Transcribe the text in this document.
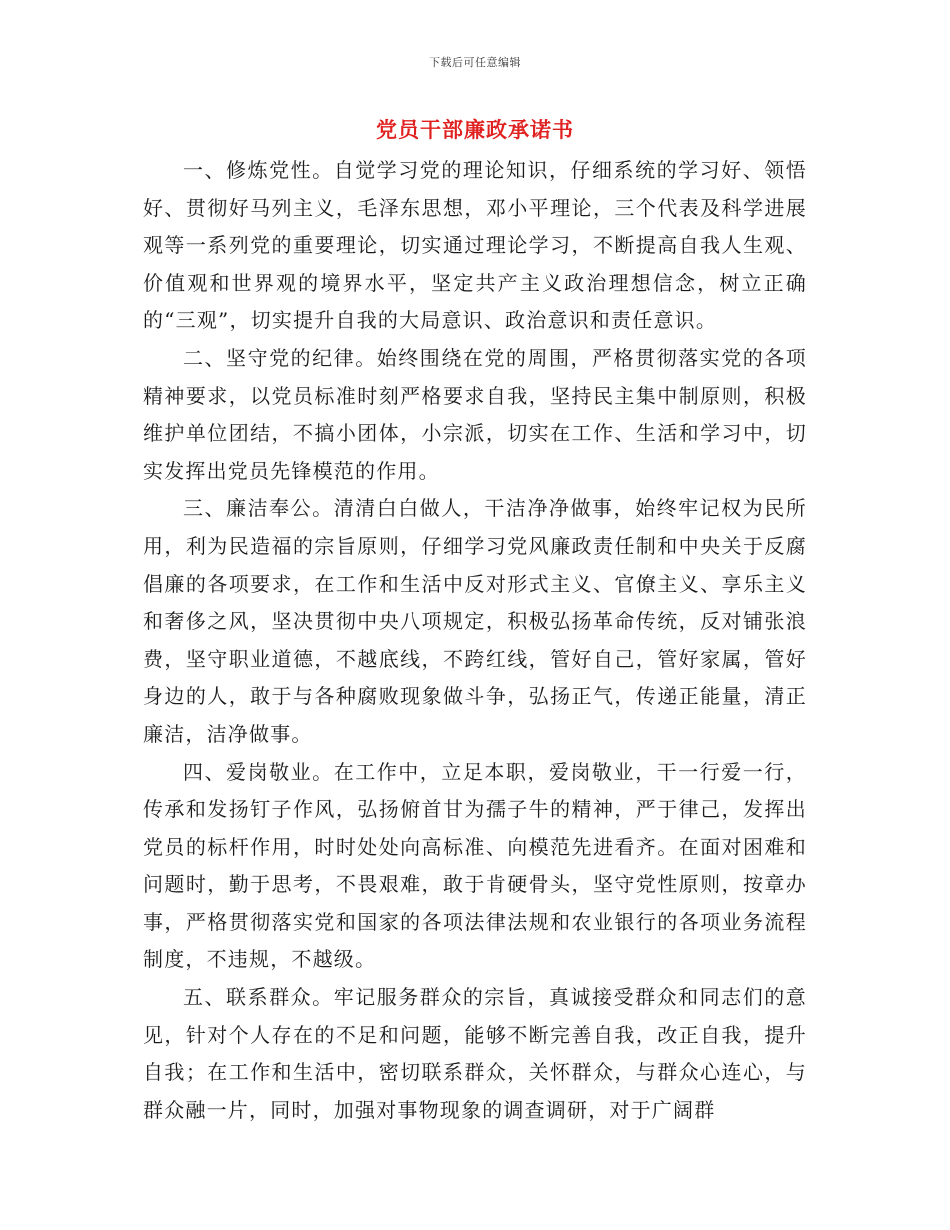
下载后可任意编辑
党员干部廉政承诺书

一、修炼党性。自觉学习党的理论知识，仔细系统的学习好、领悟好、贯彻好马列主义，毛泽东思想，邓小平理论，三个代表及科学进展观等一系列党的重要理论，切实通过理论学习，不断提高自我人生观、价值观和世界观的境界水平，坚定共产主义政治理想信念，树立正确的“三观”，切实提升自我的大局意识、政治意识和责任意识。

二、坚守党的纪律。始终围绕在党的周围，严格贯彻落实党的各项精神要求，以党员标准时刻严格要求自我，坚持民主集中制原则，积极维护单位团结，不搞小团体，小宗派，切实在工作、生活和学习中，切实发挥出党员先锋模范的作用。

三、廉洁奉公。清清白白做人，干洁净净做事，始终牢记权为民所用，利为民造福的宗旨原则，仔细学习党风廉政责任制和中央关于反腐倡廉的各项要求，在工作和生活中反对形式主义、官僚主义、享乐主义和奢侈之风，坚决贯彻中央八项规定，积极弘扬革命传统，反对铺张浪费，坚守职业道德，不越底线，不跨红线，管好自己，管好家属，管好身边的人，敢于与各种腐败现象做斗争，弘扬正气，传递正能量，清正廉洁，洁净做事。

四、爱岗敬业。在工作中，立足本职，爱岗敬业，干一行爱一行，传承和发扬钉子作风，弘扬俯首甘为孺子牛的精神，严于律己，发挥出党员的标杆作用，时时处处向高标准、向模范先进看齐。在面对困难和问题时，勤于思考，不畏艰难，敢于肯硬骨头，坚守党性原则，按章办事，严格贯彻落实党和国家的各项法律法规和农业银行的各项业务流程制度，不违规，不越级。

五、联系群众。牢记服务群众的宗旨，真诚接受群众和同志们的意见，针对个人存在的不足和问题，能够不断完善自我，改正自我，提升自我；在工作和生活中，密切联系群众，关怀群众，与群众心连心，与群众融一片，同时，加强对事物现象的调查调研，对于广阔群
